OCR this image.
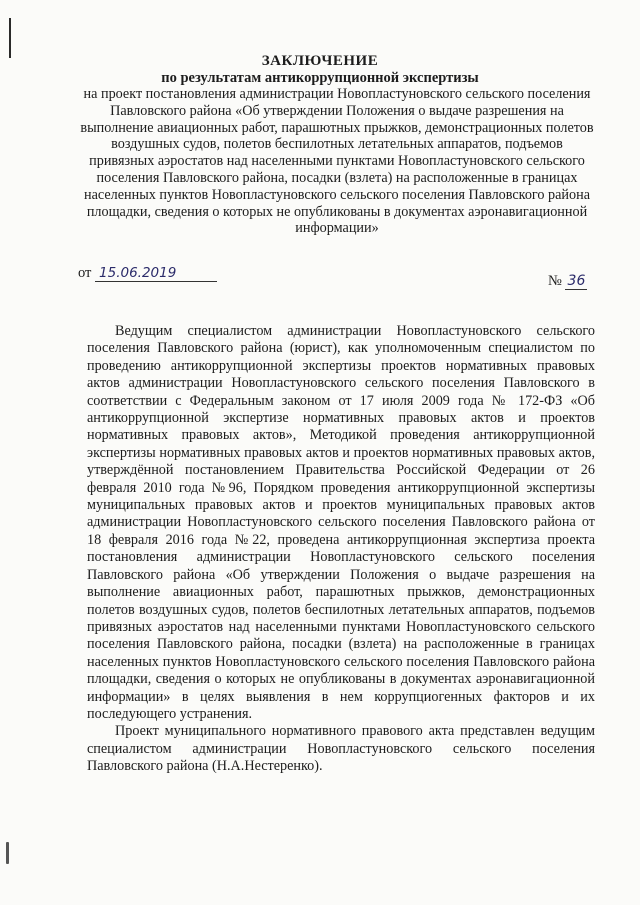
ЗАКЛЮЧЕНИЕ
по результатам антикоррупционной экспертизы
на проект постановления администрации Новопластуновского сельского поселения Павловского района «Об утверждении Положения о выдаче разрешения на выполнение авиационных работ, парашютных прыжков, демонстрационных полетов воздушных судов, полетов беспилотных летательных аппаратов, подъемов привязных аэростатов над населенными пунктами Новопластуновского сельского поселения Павловского района, посадки (взлета) на расположенные в границах населенных пунктов Новопластуновского сельского поселения Павловского района площадки, сведения о которых не опубликованы в документах аэронавигационной информации»
от 15.06.2019	№ 36

Ведущим специалистом администрации Новопластуновского сельского поселения Павловского района (юрист), как уполномоченным специалистом по проведению антикоррупционной экспертизы проектов нормативных правовых актов администрации Новопластуновского сельского поселения Павловского в соответствии с Федеральным законом от 17 июля 2009 года № 172-ФЗ «Об антикоррупционной экспертизе нормативных правовых актов и проектов нормативных правовых актов», Методикой проведения антикоррупционной экспертизы нормативных правовых актов и проектов нормативных правовых актов, утверждённой постановлением Правительства Российской Федерации от 26 февраля 2010 года №96, Порядком проведения антикоррупционной экспертизы муниципальных правовых актов и проектов муниципальных правовых актов администрации Новопластуновского сельского поселения Павловского района от 18 февраля 2016 года №22, проведена антикоррупционная экспертиза проекта постановления администрации Новопластуновского сельского поселения Павловского района «Об утверждении Положения о выдаче разрешения на выполнение авиационных работ, парашютных прыжков, демонстрационных полетов воздушных судов, полетов беспилотных летательных аппаратов, подъемов привязных аэростатов над населенными пунктами Новопластуновского сельского поселения Павловского района, посадки (взлета) на расположенные в границах населенных пунктов Новопластуновского сельского поселения Павловского района площадки, сведения о которых не опубликованы в документах аэронавигационной информации» в целях выявления в нем коррупциогенных факторов и их последующего устранения.

Проект муниципального нормативного правового акта представлен ведущим специалистом администрации Новопластуновского сельского поселения Павловского района (Н.А.Нестеренко).
